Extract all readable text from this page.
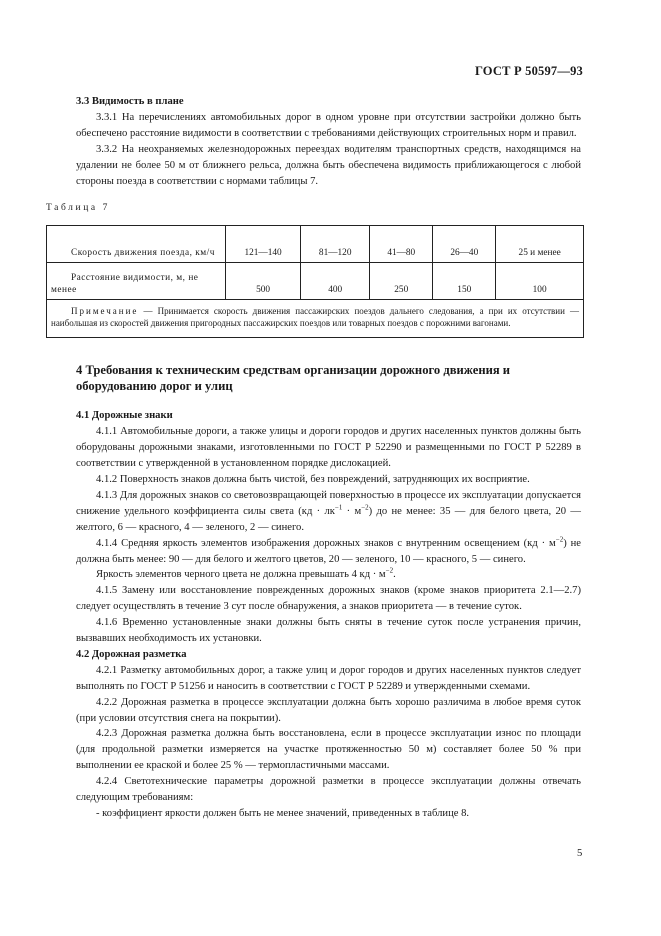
ГОСТ Р 50597—93

3.3 Видимость в плане

3.3.1 На перечислениях автомобильных дорог в одном уровне при отсутствии застройки должно быть обеспечено расстояние видимости в соответствии с требованиями действующих строительных норм и правил.

3.3.2 На неохраняемых железнодорожных переездах водителям транспортных средств, находящимся на удалении не более 50 м от ближнего рельса, должна быть обеспечена видимость приближающегося с любой стороны поезда в соответствии с нормами таблицы 7.

Таблица 7
Скорость движения поезда, км/ч	121—140	81—120	41—80	26—40	25 и менее
Расстояние видимости, м, не менее	500	400	250	150	100
Примечание — Принимается скорость движения пассажирских поездов дальнего следования, а при их отсутствии — наибольшая из скоростей движения пригородных пассажирских поездов или товарных поездов с порожними вагонами.					

4 Требования к техническим средствам организации дорожного движения и оборудованию дорог и улиц

4.1 Дорожные знаки

4.1.1 Автомобильные дороги, а также улицы и дороги городов и других населенных пунктов должны быть оборудованы дорожными знаками, изготовленными по ГОСТ Р 52290 и размещенными по ГОСТ Р 52289 в соответствии с утвержденной в установленном порядке дислокацией.

4.1.2 Поверхность знаков должна быть чистой, без повреждений, затрудняющих их восприятие.

4.1.3 Для дорожных знаков со световозвращающей поверхностью в процессе их эксплуатации допускается снижение удельного коэффициента силы света $(кд \cdot лк^{-1} \cdot м^{-2})$ до не менее: 35 — для белого цвета, 20 — желтого, 6 — красного, 4 — зеленого, 2 — синего.

4.1.4 Средняя яркость элементов изображения дорожных знаков с внутренним освещением $(кд \cdot м^{-2})$ не должна быть менее: 90 — для белого и желтого цветов, 20 — зеленого, 10 — красного, 5 — синего.

Яркость элементов черного цвета не должна превышать 4 кд · $м^{-2}$.

4.1.5 Замену или восстановление поврежденных дорожных знаков (кроме знаков приоритета 2.1—2.7) следует осуществлять в течение 3 сут после обнаружения, а знаков приоритета — в течение суток.

4.1.6 Временно установленные знаки должны быть сняты в течение суток после устранения причин, вызвавших необходимость их установки.

4.2 Дорожная разметка

4.2.1 Разметку автомобильных дорог, а также улиц и дорог городов и других населенных пунктов следует выполнять по ГОСТ Р 51256 и наносить в соответствии с ГОСТ Р 52289 и утвержденными схемами.

4.2.2 Дорожная разметка в процессе эксплуатации должна быть хорошо различима в любое время суток (при условии отсутствия снега на покрытии).

4.2.3 Дорожная разметка должна быть восстановлена, если в процессе эксплуатации износ по площади (для продольной разметки измеряется на участке протяженностью 50 м) составляет более 50 % при выполнении ее краской и более 25 % — термопластичными массами.

4.2.4 Светотехнические параметры дорожной разметки в процессе эксплуатации должны отвечать следующим требованиям:

- коэффициент яркости должен быть не менее значений, приведенных в таблице 8.

5
